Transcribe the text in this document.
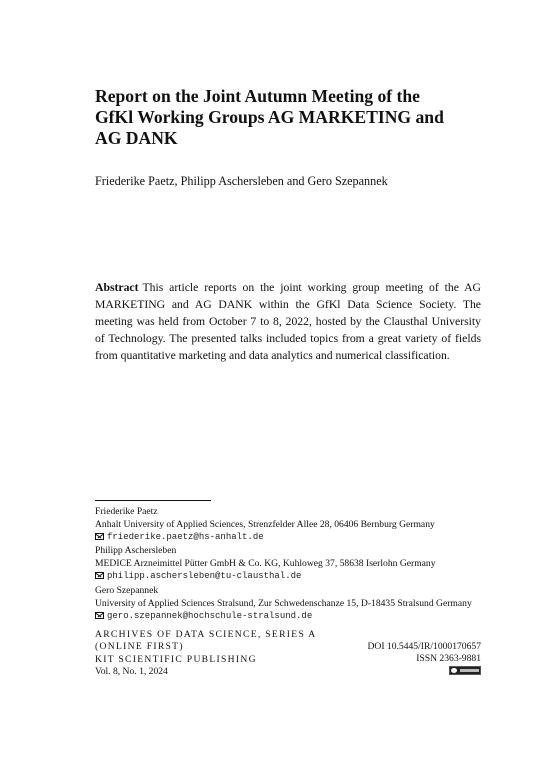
Report on the Joint Autumn Meeting of the
GfKl Working Groups AG MARKETING and
AG DANK
Friederike Paetz, Philipp Aschersleben and Gero Szepannek
Abstract This article reports on the joint working group meeting of the AG MARKETING and AG DANK within the GfKl Data Science Society. The meeting was held from October 7 to 8, 2022, hosted by the Clausthal University of Technology. The presented talks included topics from a great variety of fields from quantitative marketing and data analytics and numerical classification.
Friederike Paetz
Anhalt University of Applied Sciences, Strenzfelder Allee 28, 06406 Bernburg Germany
friederike.paetz@hs-anhalt.de
Philipp Aschersleben
MEDICE Arzneimittel Pütter GmbH & Co. KG, Kuhloweg 37, 58638 Iserlohn Germany
philipp.aschersleben@tu-clausthal.de
Gero Szepannek
University of Applied Sciences Stralsund, Zur Schwedenschanze 15, D-18435 Stralsund Germany
gero.szepannek@hochschule-stralsund.de
ARCHIVES OF DATA SCIENCE, SERIES A
(ONLINE FIRST)
KIT SCIENTIFIC PUBLISHING
Vol. 8, No. 1, 2024
DOI 10.5445/IR/1000170657
ISSN 2363-9881
